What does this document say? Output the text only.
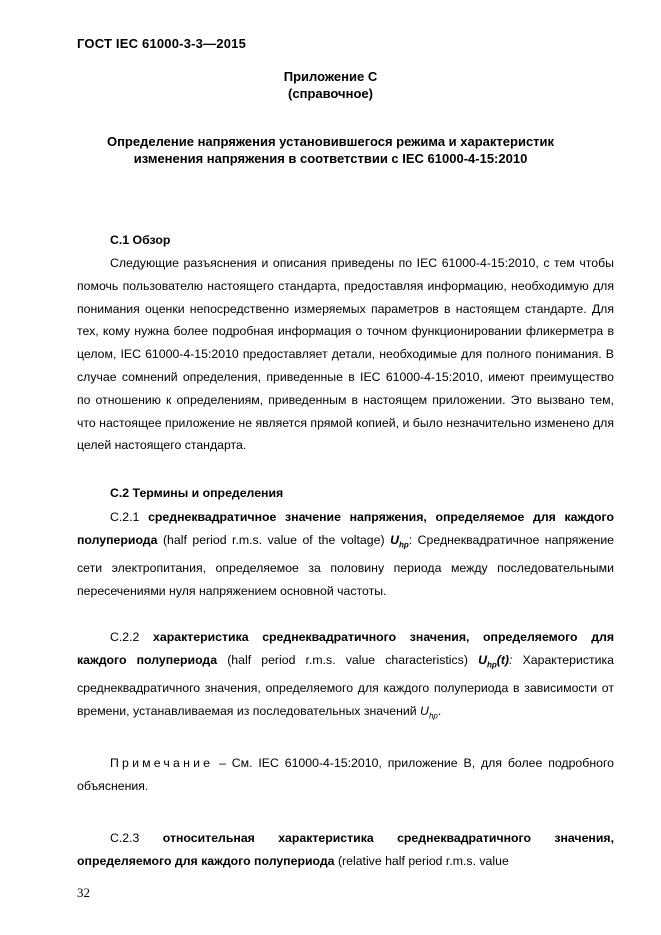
ГОСТ IEC 61000-3-3—2015
Приложение С
(справочное)
Определение напряжения установившегося режима и характеристик
изменения напряжения в соответствии с IEC 61000-4-15:2010
С.1 Обзор
Следующие разъяснения и описания приведены по IEC 61000-4-15:2010, с тем чтобы помочь пользователю настоящего стандарта, предоставляя информацию, необходимую для понимания оценки непосредственно измеряемых параметров в настоящем стандарте. Для тех, кому нужна более подробная информация о точном функционировании фликерметра в целом, IEC 61000-4-15:2010 предоставляет детали, необходимые для полного понимания. В случае сомнений определения, приведенные в IEC 61000-4-15:2010, имеют преимущество по отношению к определениям, приведенным в настоящем приложении. Это вызвано тем, что настоящее приложение не является прямой копией, и было незначительно изменено для целей настоящего стандарта.
С.2 Термины и определения
С.2.1 среднеквадратичное значение напряжения, определяемое для каждого полупериода (half period r.m.s. value of the voltage) $U_{hp}$: Среднеквадратичное напряжение сети электропитания, определяемое за половину периода между последовательными пересечениями нуля напряжением основной частоты.
С.2.2 характеристика среднеквадратичного значения, определяемого для каждого полупериода (half period r.m.s. value characteristics) $U_{hp}(t)$: Характеристика среднеквадратичного значения, определяемого для каждого полупериода в зависимости от времени, устанавливаемая из последовательных значений $U_{hp}$.
Примечание – См. IEC 61000-4-15:2010, приложение В, для более подробного объяснения.
С.2.3 относительная характеристика среднеквадратичного значения, определяемого для каждого полупериода (relative half period r.m.s. value
32
